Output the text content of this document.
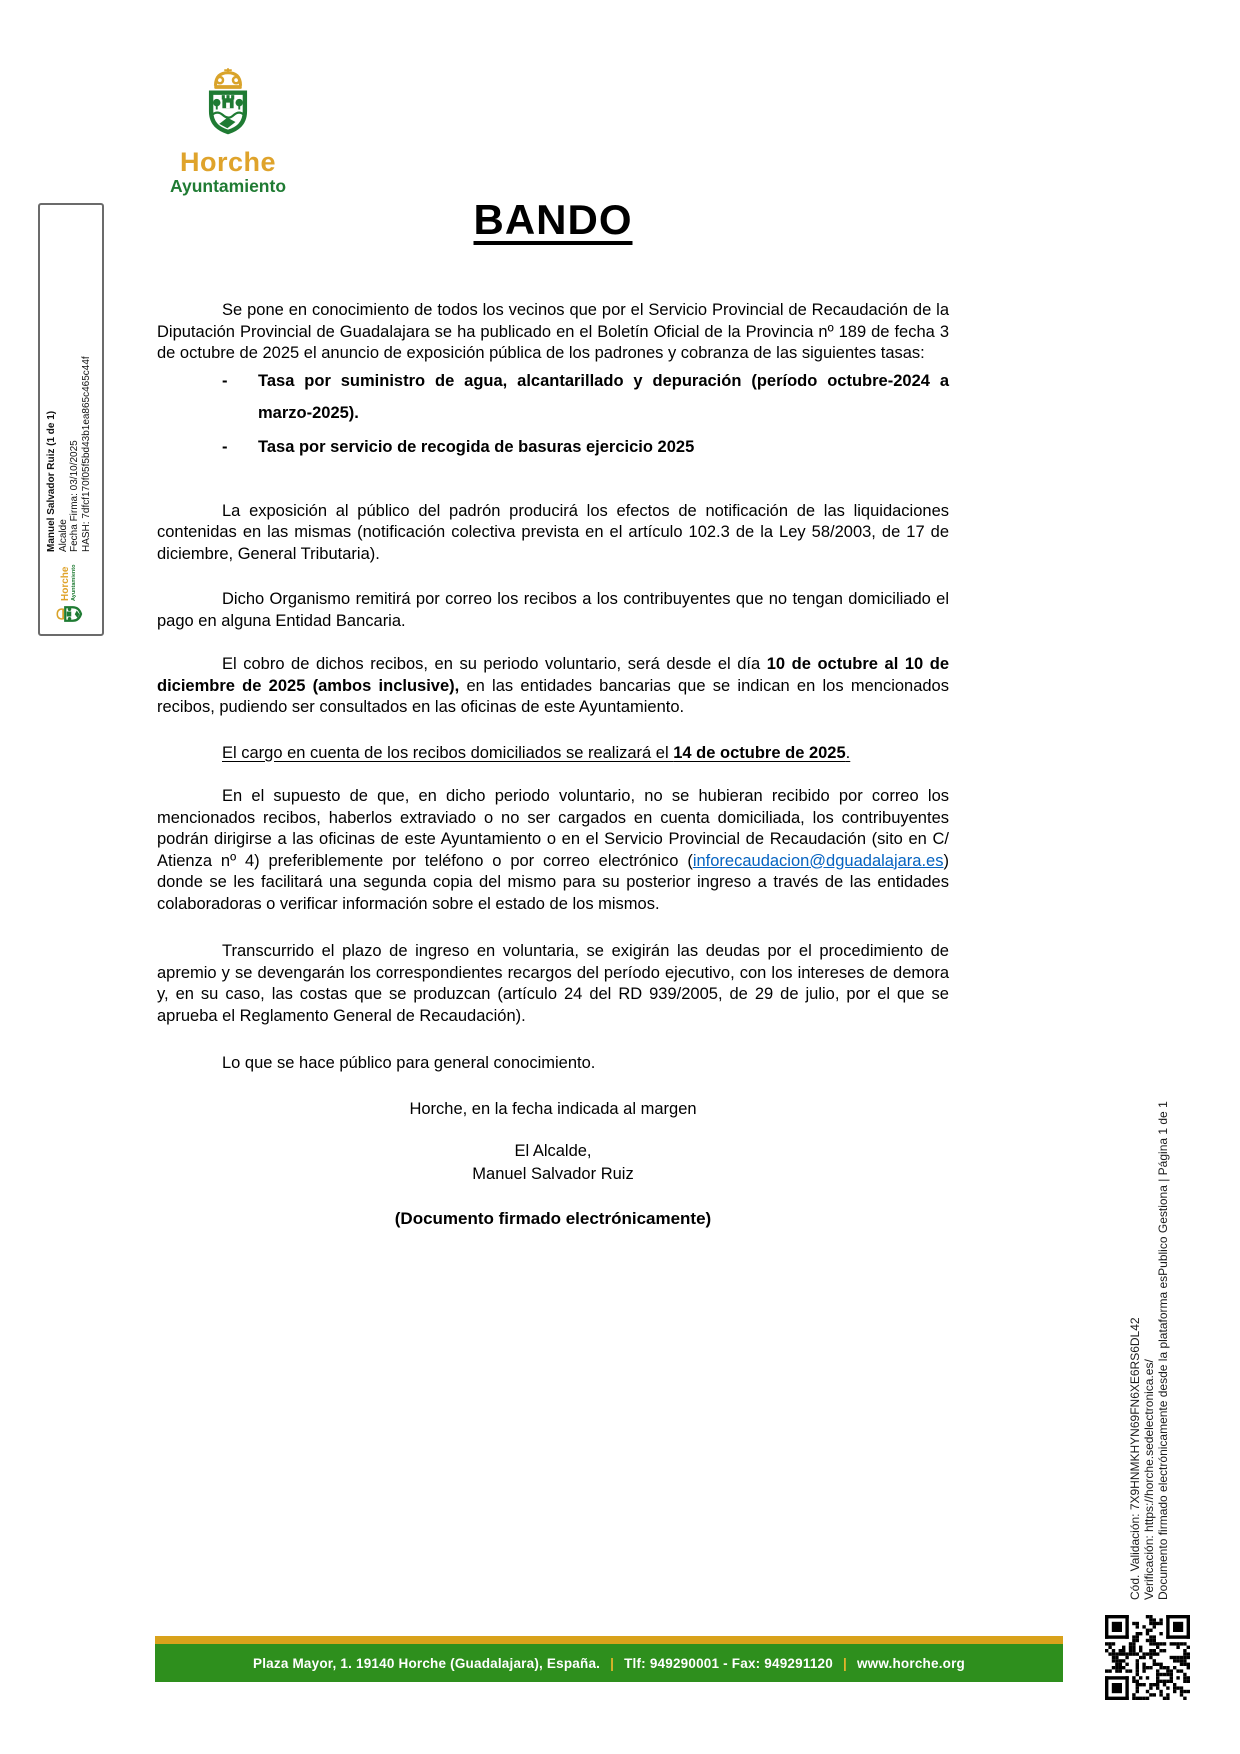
Horche
Ayuntamiento
Manuel Salvador Ruiz (1 de 1) Alcalde Fecha Firma: 03/10/2025 HASH: 7dfcf170f05f5bd43b1ea865c465c44f
Horche Ayuntamiento
BANDO

Se pone en conocimiento de todos los vecinos que por el Servicio Provincial de Recaudación de la Diputación Provincial de Guadalajara se ha publicado en el Boletín Oficial de la Provincia nº 189 de fecha 3 de octubre de 2025 el anuncio de exposición pública de los padrones y cobranza de las siguientes tasas:

-	Tasa por suministro de agua, alcantarillado y depuración (período octubre-2024 a marzo-2025).
-	Tasa por servicio de recogida de basuras ejercicio 2025

La exposición al público del padrón producirá los efectos de notificación de las liquidaciones contenidas en las mismas (notificación colectiva prevista en el artículo 102.3 de la Ley 58/2003, de 17 de diciembre, General Tributaria).

Dicho Organismo remitirá por correo los recibos a los contribuyentes que no tengan domiciliado el pago en alguna Entidad Bancaria.

El cobro de dichos recibos, en su periodo voluntario, será desde el día 10 de octubre al 10 de diciembre de 2025 (ambos inclusive), en las entidades bancarias que se indican en los mencionados recibos, pudiendo ser consultados en las oficinas de este Ayuntamiento.

El cargo en cuenta de los recibos domiciliados se realizará el 14 de octubre de 2025.

En el supuesto de que, en dicho periodo voluntario, no se hubieran recibido por correo los mencionados recibos, haberlos extraviado o no ser cargados en cuenta domiciliada, los contribuyentes podrán dirigirse a las oficinas de este Ayuntamiento o en el Servicio Provincial de Recaudación (sito en C/ Atienza nº 4) preferiblemente por teléfono o por correo electrónico (inforecaudacion@dguadalajara.es) donde se les facilitará una segunda copia del mismo para su posterior ingreso a través de las entidades colaboradoras o verificar información sobre el estado de los mismos.

Transcurrido el plazo de ingreso en voluntaria, se exigirán las deudas por el procedimiento de apremio y se devengarán los correspondientes recargos del período ejecutivo, con los intereses de demora y, en su caso, las costas que se produzcan (artículo 24 del RD 939/2005, de 29 de julio, por el que se aprueba el Reglamento General de Recaudación).

Lo que se hace público para general conocimiento.

Horche, en la fecha indicada al margen
El Alcalde,
Manuel Salvador Ruiz
(Documento firmado electrónicamente)
Cód. Validación: 7X9HNMKHYN69FN6XE6RS6DL42 Verificación: https://horche.sedelectronica.es/ Documento firmado electrónicamente desde la plataforma esPublico Gestiona | Página 1 de 1
Plaza Mayor, 1. 19140 Horche (Guadalajara), España. | Tlf: 949290001 - Fax: 949291120 | www.horche.org
